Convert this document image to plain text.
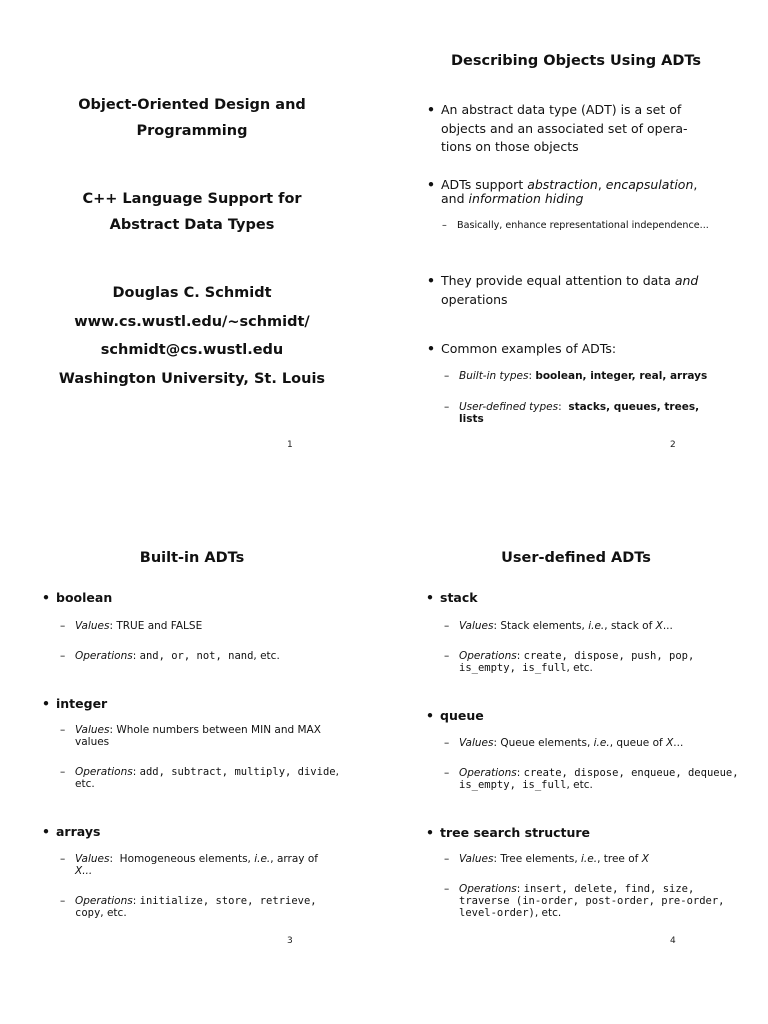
Object-Oriented Design and

Programming

C++ Language Support for

Abstract Data Types

Douglas C. Schmidt

www.cs.wustl.edu/~schmidt/

schmidt@cs.wustl.edu

Washington University, St. Louis

1

Describing Objects Using ADTs

• An abstract data type (ADT) is a set of
objects and an associated set of opera-
tions on those objects
• ADTs support abstraction, encapsulation,
and information hiding
– Basically, enhance representational independence...
• They provide equal attention to data and
operations
• Common examples of ADTs:
– Built-in types: boolean, integer, real, arrays
– User-defined types:  stacks, queues, trees,
lists
2

Built-in ADTs

• boolean
– Values: TRUE and FALSE
– Operations: and, or, not, nand, etc.
• integer
– Values: Whole numbers between MIN and MAX
values
– Operations: add, subtract, multiply, divide,
etc.
• arrays
– Values:  Homogeneous elements, i.e., array of
X...
– Operations: initialize, store, retrieve,
copy, etc.
3

User-defined ADTs

• stack
– Values: Stack elements, i.e., stack of X...
– Operations: create, dispose, push, pop,
is_empty, is_full, etc.
• queue
– Values: Queue elements, i.e., queue of X...
– Operations: create, dispose, enqueue, dequeue,
is_empty, is_full, etc.
• tree search structure
– Values: Tree elements, i.e., tree of X
– Operations: insert, delete, find, size,
traverse (in-order, post-order, pre-order,
level-order), etc.
4
